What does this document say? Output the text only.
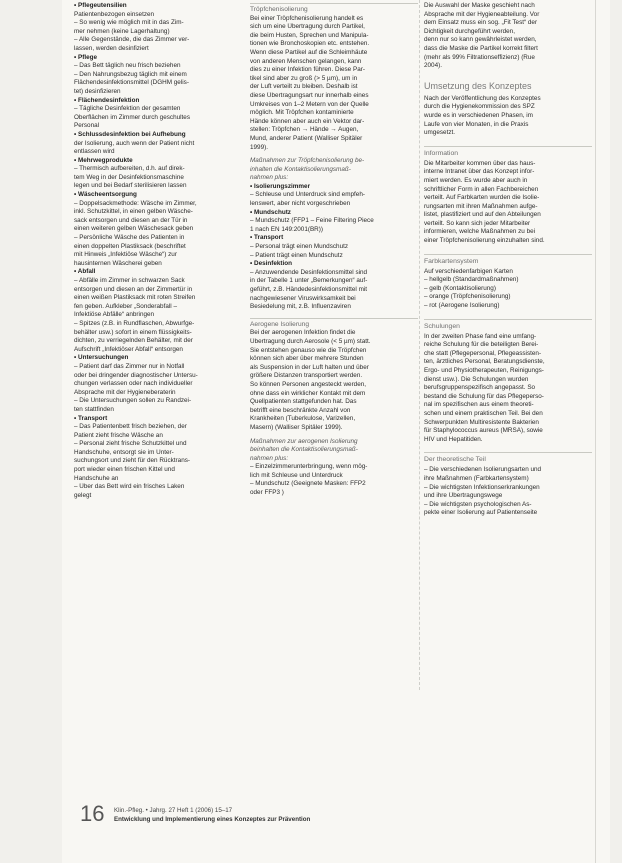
• Pflegeutensilien
Patientenbezogen einsetzen
– So wenig wie möglich mit in das Zim-
mer nehmen (keine Lagerhaltung)
– Alle Gegenstände, die das Zimmer ver-
lassen, werden desinfiziert
• Pflege
– Das Bett täglich neu frisch beziehen
– Den Nahrungsbezug täglich mit einem
Flächendesinfektionsmittel (DGHM gelis-
tet) desinfizieren
• Flächendesinfektion
– Tägliche Desinfektion der gesamten
Oberflächen im Zimmer durch geschultes
Personal
• Schlussdesinfektion bei Aufhebung
der Isolierung, auch wenn der Patient nicht
entlassen wird
• Mehrwegprodukte
– Thermisch aufbereiten, d.h. auf direk-
tem Weg in der Desinfektionsmaschine
legen und bei Bedarf sterilisieren lassen
• Wäscheentsorgung
– Doppelsackmethode: Wäsche im Zimmer,
inkl. Schutzkittel, in einen gelben Wäsche-
sack entsorgen und diesen an der Tür in
einen weiteren gelben Wäschesack geben
– Persönliche Wäsche des Patienten in
einen doppelten Plastiksack (beschriftet
mit Hinweis „Infektiöse Wäsche“) zur
hausinternen Wäscherei geben
• Abfall
– Abfälle im Zimmer in schwarzen Sack
entsorgen und diesen an der Zimmertür in
einen weißen Plastiksack mit roten Streifen
fen geben. Aufkleber „Sonderabfall –
Infektiöse Abfälle“ anbringen
– Spitzes (z.B. in Rundflaschen, Abwurfge-
behälter usw.) sofort in einem flüssigkeits-
dichten, zu verriegelnden Behälter, mit der
Aufschrift „Infektiöser Abfall“ entsorgen
• Untersuchungen
– Patient darf das Zimmer nur in Notfall
oder bei dringender diagnostischer Untersu-
chungen verlassen oder nach individueller
Absprache mit der Hygieneberaterin
– Die Untersuchungen sollen zu Randzei-
ten stattfinden
• Transport
– Das Patientenbett frisch beziehen, der
Patient zieht frische Wäsche an
– Personal zieht frische Schutzkittel und
Handschuhe, entsorgt sie im Unter-
suchungsort und zieht für den Rücktrans-
port wieder einen frischen Kittel und
Handschuhe an
– Über das Bett wird ein frisches Laken
gelegt
Tröpfchenisolierung
Bei einer Tröpfchenisolierung handelt es
sich um eine Übertragung durch Partikel,
die beim Husten, Sprechen und Manipula-
tionen wie Bronchoskopien etc. entstehen.
Wenn diese Partikel auf die Schleimhäute
von anderen Menschen gelangen, kann
dies zu einer Infektion führen. Diese Par-
tikel sind aber zu groß (> 5 µm), um in
der Luft verteilt zu bleiben. Deshalb ist
diese Übertragungsart nur innerhalb eines
Umkreises von 1–2 Metern von der Quelle
möglich. Mit Tröpfchen kontaminierte
Hände können aber auch ein Vektor dar-
stellen: Tröpfchen → Hände → Augen,
Mund, anderer Patient (Walliser Spitäler
1999).
Maßnahmen zur Tröpfchenisolierung be-
inhalten die Kontaktisolierungsmaß-
nahmen plus:
• Isolierungszimmer
– Schleuse und Unterdruck sind empfeh-
lenswert, aber nicht vorgeschrieben
• Mundschutz
– Mundschutz (FFP1 – Feine Filtering Piece
1 nach EN 149:2001(BR))
• Transport
– Personal trägt einen Mundschutz
– Patient trägt einen Mundschutz
• Desinfektion
– Anzuwendende Desinfektionsmittel sind
in der Tabelle 1 unter „Bemerkungen“ auf-
geführt, z.B. Händedesinfektionsmittel mit
nachgewiesener Viruswirksamkeit bei
Besiedelung mit, z.B. Influenzaviren
Aerogene Isolierung
Bei der aerogenen Infektion findet die
Übertragung durch Aerosole (< 5 µm) statt.
Sie entstehen genauso wie die Tröpfchen
können sich aber über mehrere Stunden
als Suspension in der Luft halten und über
größere Distanzen transportiert werden.
So können Personen angesteckt werden,
ohne dass ein wirklicher Kontakt mit dem
Quellpatienten stattgefunden hat. Das
betrifft eine beschränkte Anzahl von
Krankheiten (Tuberkulose, Varizellen,
Masern) (Walliser Spitäler 1999).
Maßnahmen zur aerogenen Isolierung
beinhalten die Kontaktisolierungsmaß-
nahmen plus:
– Einzelzimmerunterbringung, wenn mög-
lich mit Schleuse und Unterdruck
– Mundschutz (Geeignete Masken: FFP2
oder FFP3 )
Die Auswahl der Maske geschieht nach
Absprache mit der Hygieneabteilung. Vor
dem Einsatz muss ein sog. „Fit Test“ der
Dichtigkeit durchgeführt werden,
denn nur so kann gewährleistet werden,
dass die Maske die Partikel korrekt filtert
(mehr als 99% Filtrationseffizienz) (Rue
2004).
Umsetzung des Konzeptes
Nach der Veröffentlichung des Konzeptes
durch die Hygienekommission des SPZ
wurde es in verschiedenen Phasen, im
Laufe von vier Monaten, in die Praxis
umgesetzt.
Information
Die Mitarbeiter kommen über das haus-
interne Intranet über das Konzept infor-
miert werden. Es wurde aber auch in
schriftlicher Form in allen Fachbereichen
verteilt. Auf Farbkarten wurden die Isolie-
rungsarten mit ihren Maßnahmen aufge-
listet, plastifiziert und auf den Abteilungen
verteilt. So kann sich jeder Mitarbeiter
informieren, welche Maßnahmen zu bei
einer Tröpfchenisolierung einzuhalten sind.
Farbkartensystem
Auf verschiedenfarbigen Karten
– hellgelb (Standardmaßnahmen)
– gelb (Kontaktisolierung)
– orange (Tröpfchenisolierung)
– rot (Aerogene Isolierung)
Schulungen
In der zweiten Phase fand eine umfang-
reiche Schulung für die beteiligten Berei-
che statt (Pflegepersonal, Pflegeassisten-
ten, ärztliches Personal, Beratungsdienste,
Ergo- und Physiotherapeuten, Reinigungs-
dienst usw.). Die Schulungen wurden
berufsgruppenspezifisch angepasst. So
bestand die Schulung für das Pflegeperso-
nal im spezifischen aus einem theoreti-
schen und einem praktischen Teil. Bei den
Schwerpunkten Multiresistente Bakterien
für Staphylococcus aureus (MRSA), sowie
HIV und Hepatitiden.
Der theoretische Teil
– Die verschiedenen Isolierungsarten und
ihre Maßnahmen (Farbkartensystem)
– Die wichtigsten Infektionserkrankungen
und ihre Übertragungswege
– Die wichtigsten psychologischen As-
pekte einer Isolierung auf Patientenseite
16 Klin.-Pfleg. • Jahrg. 27 Heft 1 (2006) 15–17
Entwicklung und Implementierung eines Konzeptes zur Prävention
